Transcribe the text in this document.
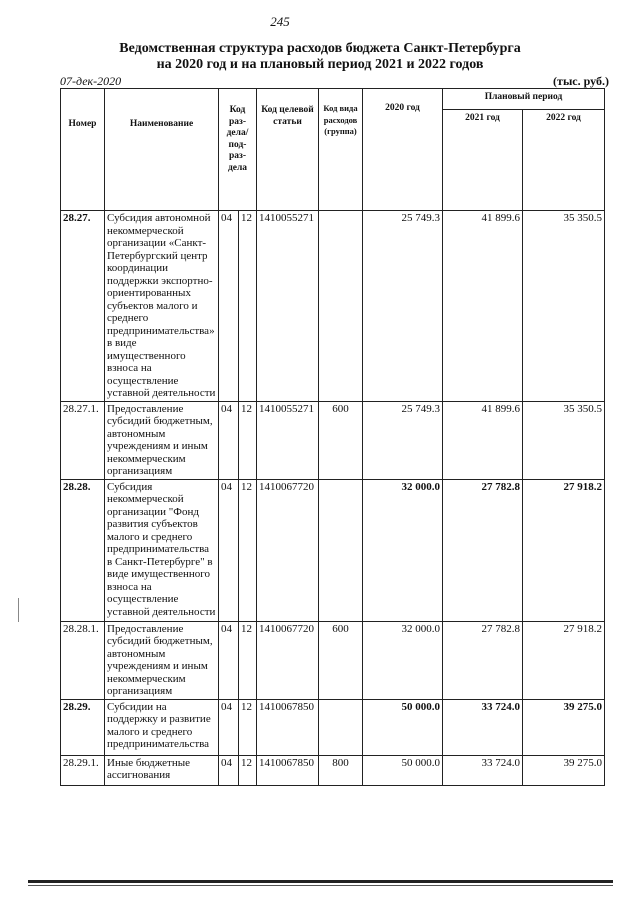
245
Ведомственная структура расходов бюджета Санкт-Петербурга
на 2020 год и на плановый период 2021 и 2022 годов
07-дек-2020	(тыс. руб.)
Номер	Наименование	Код раз-дела/ под-раз-дела		Код целевой статьи	Код вида расходов (группа)	2020 год	Плановый период	
							2021 год	2022 год
28.27.	Субсидия автономной некоммерческой организации «Санкт-Петербургский центр координации поддержки экспортно-ориентированных субъектов малого и среднего предпринимательства» в виде имущественного взноса на осуществление уставной деятельности	04	12	1410055271		25 749.3	41 899.6	35 350.5
28.27.1.	Предоставление субсидий бюджетным, автономным учреждениям и иным некоммерческим организациям	04	12	1410055271	600	25 749.3	41 899.6	35 350.5
28.28.	Субсидия некоммерческой организации "Фонд развития субъектов малого и среднего предпринимательства в Санкт-Петербурге" в виде имущественного взноса на осуществление уставной деятельности	04	12	1410067720		32 000.0	27 782.8	27 918.2
28.28.1.	Предоставление субсидий бюджетным, автономным учреждениям и иным некоммерческим организациям	04	12	1410067720	600	32 000.0	27 782.8	27 918.2
28.29.	Субсидии на поддержку и развитие малого и среднего предпринимательства	04	12	1410067850		50 000.0	33 724.0	39 275.0
28.29.1.	Иные бюджетные ассигнования	04	12	1410067850	800	50 000.0	33 724.0	39 275.0
